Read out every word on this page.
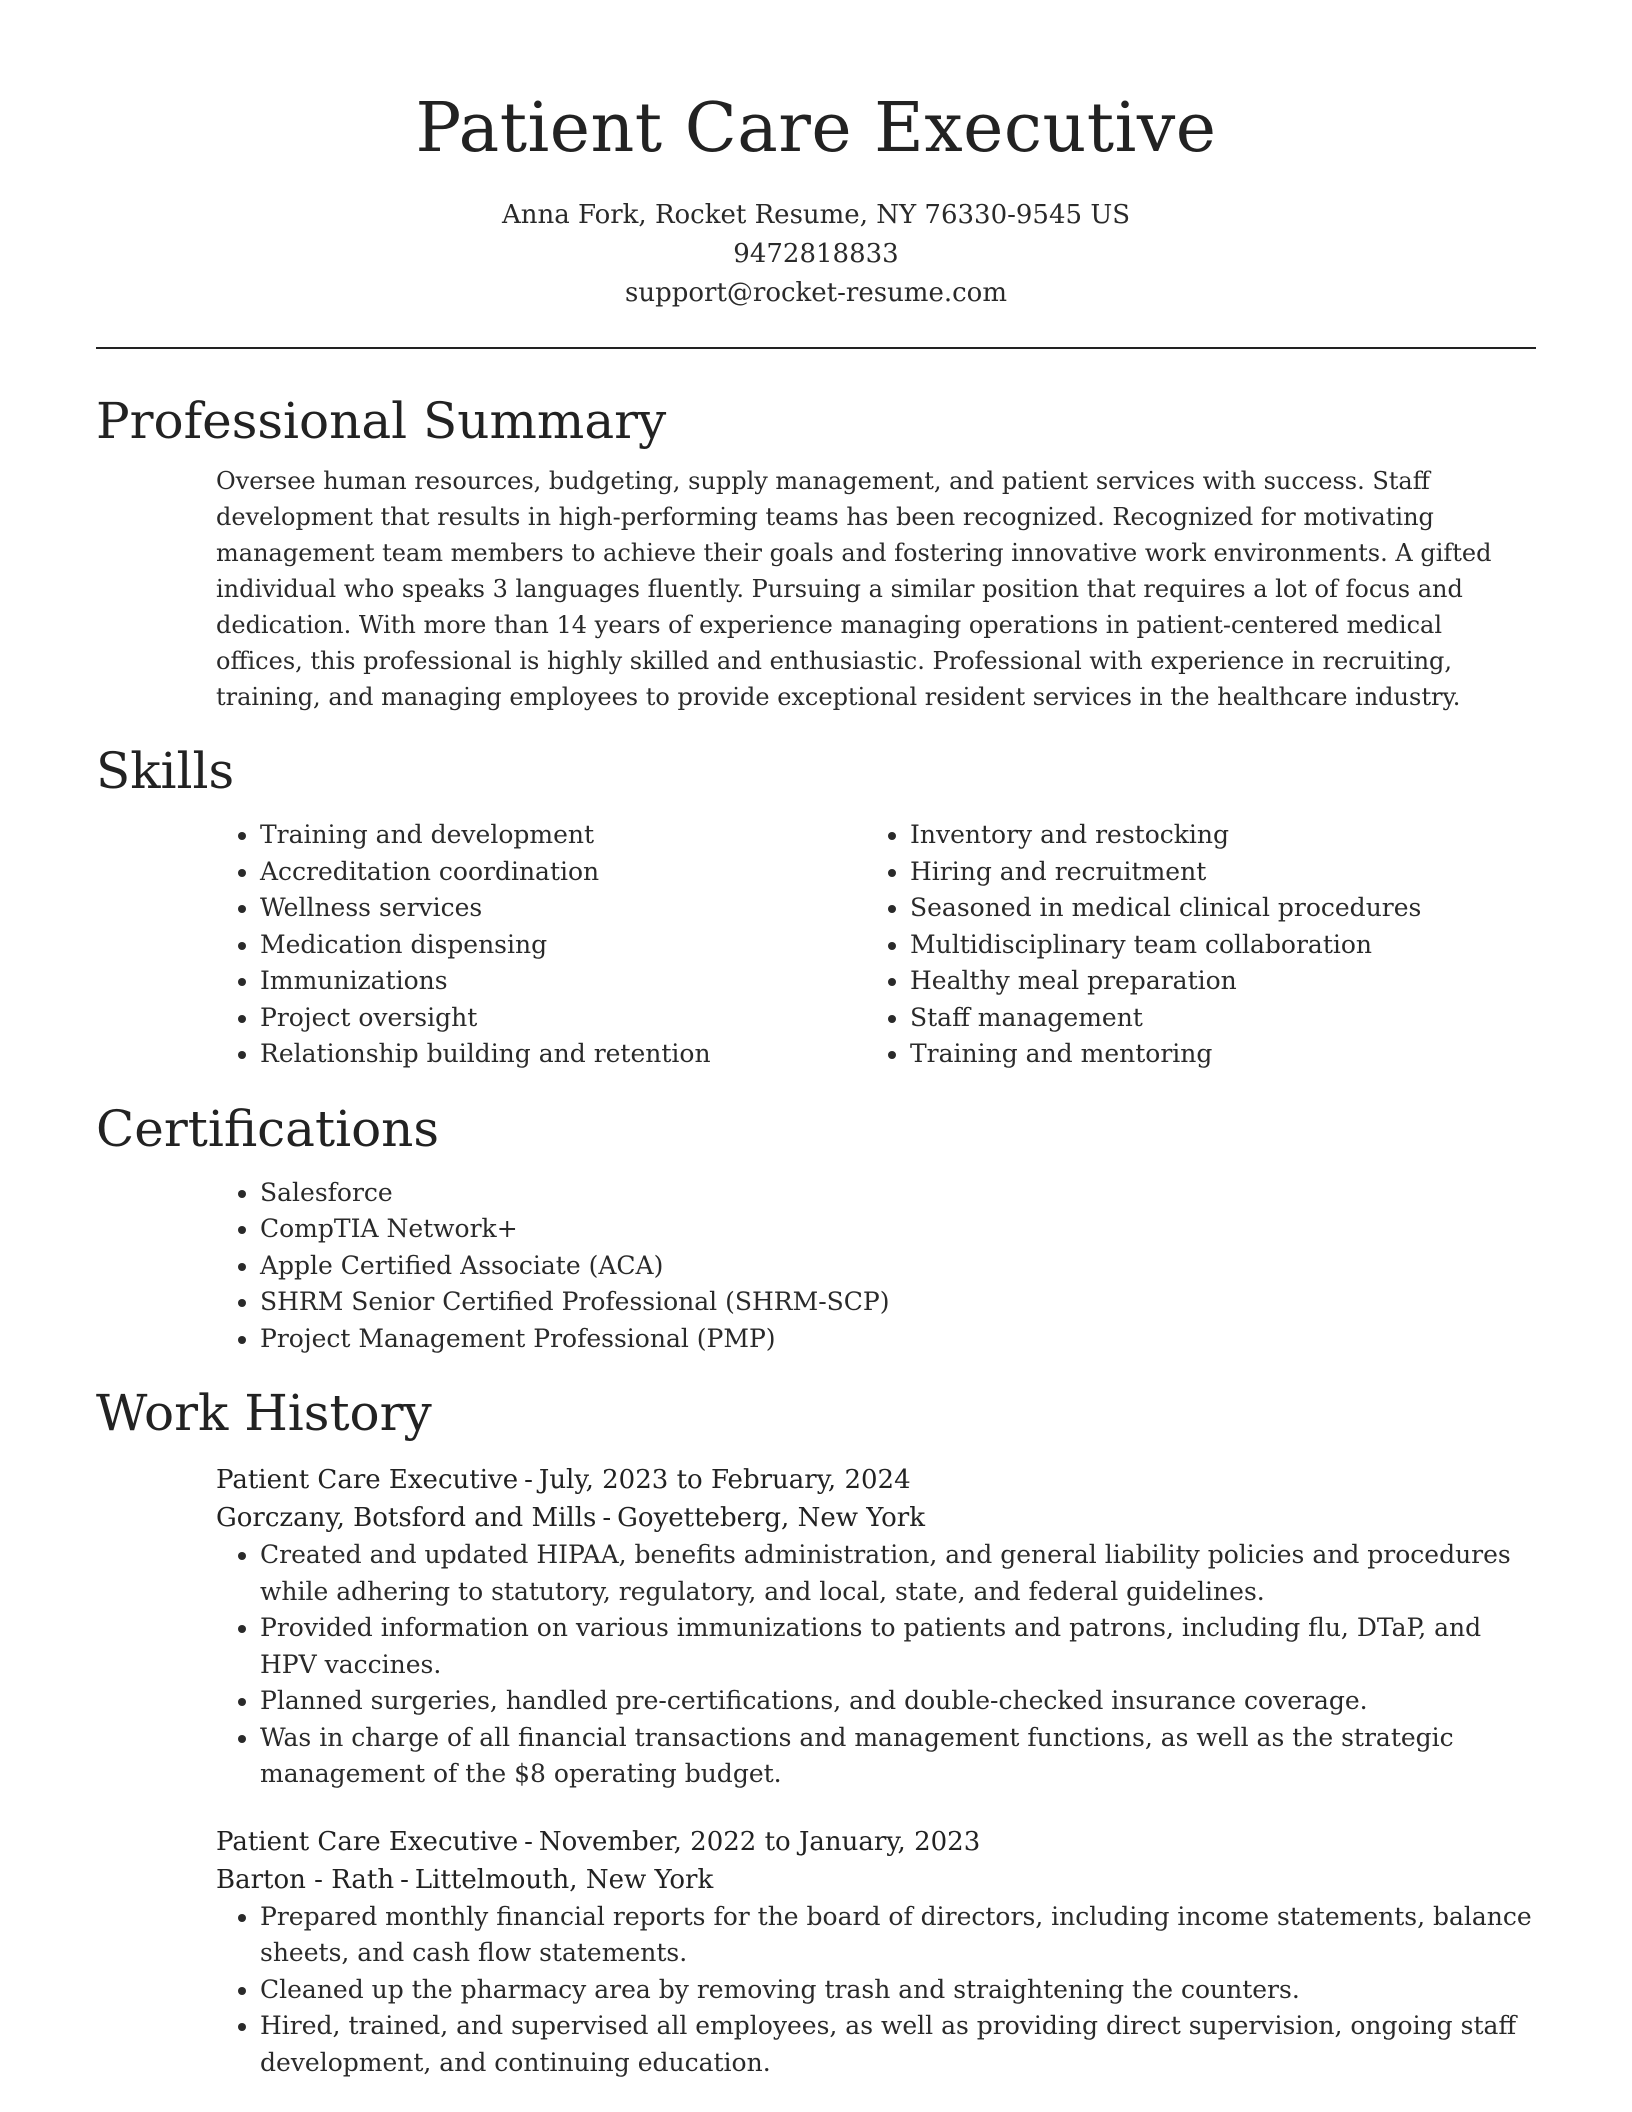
Patient Care Executive
Anna Fork, Rocket Resume, NY 76330-9545 US
9472818833
support@rocket-resume.com
Professional Summary

Oversee human resources, budgeting, supply management, and patient services with success. Staff development that results in high-performing teams has been recognized. Recognized for motivating management team members to achieve their goals and fostering innovative work environments. A gifted individual who speaks 3 languages fluently. Pursuing a similar position that requires a lot of focus and dedication. With more than 14 years of experience managing operations in patient-centered medical offices, this professional is highly skilled and enthusiastic. Professional with experience in recruiting, training, and managing employees to provide exceptional resident services in the healthcare industry.

Skills
• Training and development
• Accreditation coordination
• Wellness services
• Medication dispensing
• Immunizations
• Project oversight
• Relationship building and retention
• Inventory and restocking
• Hiring and recruitment
• Seasoned in medical clinical procedures
• Multidisciplinary team collaboration
• Healthy meal preparation
• Staff management
• Training and mentoring
Certifications
• Salesforce
• CompTIA Network+
• Apple Certified Associate (ACA)
• SHRM Senior Certified Professional (SHRM-SCP)
• Project Management Professional (PMP)
Work History
Patient Care Executive - July, 2023 to February, 2024
Gorczany, Botsford and Mills - Goyetteberg, New York
• Created and updated HIPAA, benefits administration, and general liability policies and procedures while adhering to statutory, regulatory, and local, state, and federal guidelines.
• Provided information on various immunizations to patients and patrons, including flu, DTaP, and HPV vaccines.
• Planned surgeries, handled pre-certifications, and double-checked insurance coverage.
• Was in charge of all financial transactions and management functions, as well as the strategic management of the $8 operating budget.
Patient Care Executive - November, 2022 to January, 2023
Barton - Rath - Littelmouth, New York
• Prepared monthly financial reports for the board of directors, including income statements, balance sheets, and cash flow statements.
• Cleaned up the pharmacy area by removing trash and straightening the counters.
• Hired, trained, and supervised all employees, as well as providing direct supervision, ongoing staff development, and continuing education.
